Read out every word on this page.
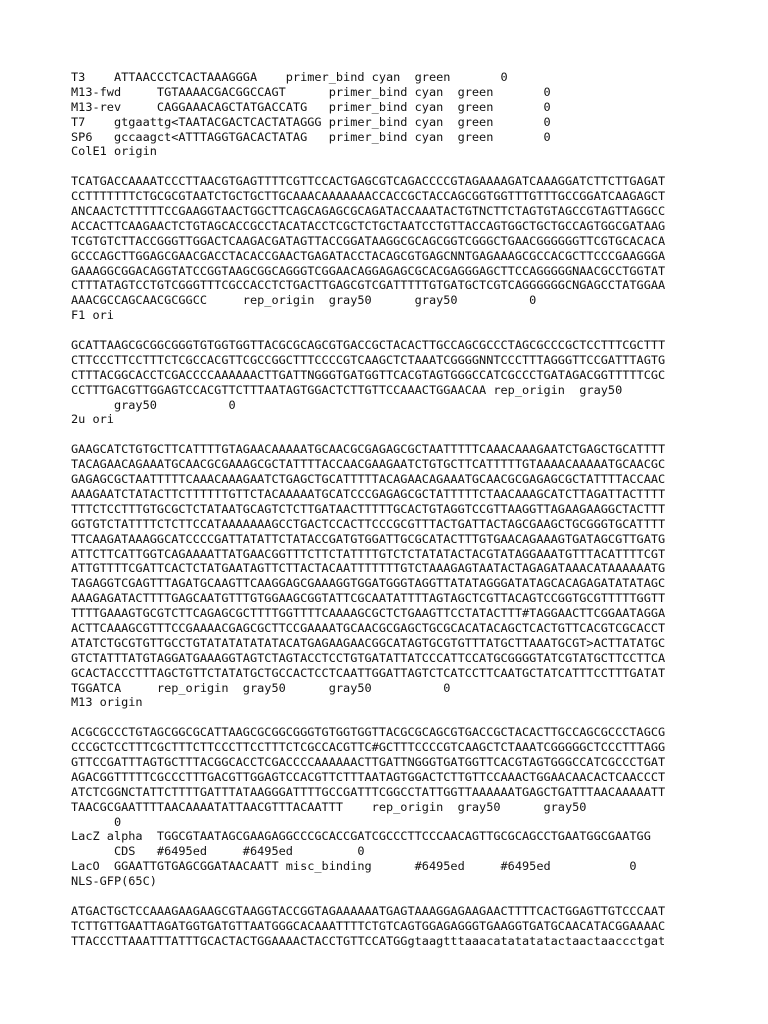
T3    ATTAACCCTCACTAAAGGGA    primer_bind cyan  green       0
M13-fwd     TGTAAAACGACGGCCAGT      primer_bind cyan  green       0
M13-rev     CAGGAAACAGCTATGACCATG   primer_bind cyan  green       0
T7    gtgaattg<TAATACGACTCACTATAGGG primer_bind cyan  green       0
SP6   gccaagct<ATTTAGGTGACACTATAG   primer_bind cyan  green       0
ColE1 origin
TCATGACCAAAATCCCTTAACGTGAGTTTTCGTTCCACTGAGCGTCAGACCCCGTAGAAAAGATCAAAGGATCTTCTTGAGAT
CCTTTTTTTCTGCGCGTAATCTGCTGCTTGCAAACAAAAAAACCACCGCTACCAGCGGTGGTTTGTTTGCCGGATCAAGAGCT
ANCAACTCTTTTTCCGAAGGTAACTGGCTTCAGCAGAGCGCAGATACCAAATACTGTNCTTCTAGTGTAGCCGTAGTTAGGCC
ACCACTTCAAGAACTCTGTAGCACCGCCTACATACCTCGCTCTGCTAATCCTGTTACCAGTGGCTGCTGCCAGTGGCGATAAG
TCGTGTCTTACCGGGTTGGACTCAAGACGATAGTTACCGGATAAGGCGCAGCGGTCGGGCTGAACGGGGGGTTCGTGCACACA
GCCCAGCTTGGAGCGAACGACCTACACCGAACTGAGATACCTACAGCGTGAGCNNTGAGAAAGCGCCACGCTTCCCGAAGGGA
GAAAGGCGGACAGGTATCCGGTAAGCGGCAGGGTCGGAACAGGAGAGCGCACGAGGGAGCTTCCAGGGGGNAACGCCTGGTAT
CTTTATAGTCCTGTCGGGTTTCGCCACCTCTGACTTGAGCGTCGATTTTTGTGATGCTCGTCAGGGGGGCNGAGCCTATGGAA
AAACGCCAGCAACGCGGCC     rep_origin  gray50      gray50          0
F1 ori
GCATTAAGCGCGGCGGGTGTGGTGGTTACGCGCAGCGTGACCGCTACACTTGCCAGCGCCCTAGCGCCCGCTCCTTTCGCTTT
CTTCCCTTCCTTTCTCGCCACGTTCGCCGGCTTTCCCCGTCAAGCTCTAAATCGGGGNNTCCCTTTAGGGTTCCGATTTAGTG
CTTTACGGCACCTCGACCCCAAAAAACTTGATTNGGGTGATGGTTCACGTAGTGGGCCATCGCCCTGATAGACGGTTTTTCGC
CCTTTGACGTTGGAGTCCACGTTCTTTAATAGTGGACTCTTGTTCCAAACTGGAACAA rep_origin  gray50
gray50          0
2u ori
GAAGCATCTGTGCTTCATTTTGTAGAACAAAAATGCAACGCGAGAGCGCTAATTTTTCAAACAAAGAATCTGAGCTGCATTTT
TACAGAACAGAAATGCAACGCGAAAGCGCTATTTTACCAACGAAGAATCTGTGCTTCATTTTTGTAAAACAAAAATGCAACGC
GAGAGCGCTAATTTTTCAAACAAAGAATCTGAGCTGCATTTTTACAGAACAGAAATGCAACGCGAGAGCGCTATTTTACCAAC
AAAGAATCTATACTTCTTTTTTGTTCTACAAAAATGCATCCCGAGAGCGCTATTTTTCTAACAAAGCATCTTAGATTACTTTT
TTTCTCCTTTGTGCGCTCTATAATGCAGTCTCTTGATAACTTTTTGCACTGTAGGTCCGTTAAGGTTAGAAGAAGGCTACTTT
GGTGTCTATTTTCTCTTCCATAAAAAAAGCCTGACTCCACTTCCCGCGTTTACTGATTACTAGCGAAGCTGCGGGTGCATTTT
TTCAAGATAAAGGCATCCCCGATTATATTCTATACCGATGTGGATTGCGCATACTTTGTGAACAGAAAGTGATAGCGTTGATG
ATTCTTCATTGGTCAGAAAATTATGAACGGTTTCTTCTATTTTGTCTCTATATACTACGTATAGGAAATGTTTACATTTTCGT
ATTGTTTTCGATTCACTCTATGAATAGTTCTTACTACAATTTTTTTGTCTAAAGAGTAATACTAGAGATAAACATAAAAAATG
TAGAGGTCGAGTTTAGATGCAAGTTCAAGGAGCGAAAGGTGGATGGGTAGGTTATATAGGGATATAGCACAGAGATATATAGC
AAAGAGATACTTTTGAGCAATGTTTGTGGAAGCGGTATTCGCAATATTTTAGTAGCTCGTTACAGTCCGGTGCGTTTTTGGTT
TTTTGAAAGTGCGTCTTCAGAGCGCTTTTGGTTTTCAAAAGCGCTCTGAAGTTCCTATACTTT#TAGGAACTTCGGAATAGGA
ACTTCAAAGCGTTTCCGAAAACGAGCGCTTCCGAAAATGCAACGCGAGCTGCGCACATACAGCTCACTGTTCACGTCGCACCT
ATATCTGCGTGTTGCCTGTATATATATATACATGAGAAGAACGGCATAGTGCGTGTTTATGCTTAAATGCGT>ACTTATATGC
GTCTATTTATGTAGGATGAAAGGTAGTCTAGTACCTCCTGTGATATTATCCCATTCCATGCGGGGTATCGTATGCTTCCTTCA
GCACTACCCTTTAGCTGTTCTATATGCTGCCACTCCTCAATTGGATTAGTCTCATCCTTCAATGCTATCATTTCCTTTGATAT
TGGATCA     rep_origin  gray50      gray50          0
M13 origin
ACGCGCCCTGTAGCGGCGCATTAAGCGCGGCGGGTGTGGTGGTTACGCGCAGCGTGACCGCTACACTTGCCAGCGCCCTAGCG
CCCGCTCCTTTCGCTTTCTTCCCTTCCTTTCTCGCCACGTTC#GCTTTCCCCGTCAAGCTCTAAATCGGGGGCTCCCTTTAGG
GTTCCGATTTAGTGCTTTACGGCACCTCGACCCCAAAAAACTTGATTNGGGTGATGGTTCACGTAGTGGGCCATCGCCCTGAT
AGACGGTTTTTCGCCCTTTGACGTTGGAGTCCACGTTCTTTAATAGTGGACTCTTGTTCCAAACTGGAACAACACTCAACCCT
ATCTCGGNCTATTCTTTTGATTTATAAGGGATTTTGCCGATTTCGGCCTATTGGTTAAAAAATGAGCTGATTTAACAAAAATT
TAACGCGAATTTTAACAAAATATTAACGTTTACAATTT    rep_origin  gray50      gray50
0
LacZ alpha  TGGCGTAATAGCGAAGAGGCCCGCACCGATCGCCCTTCCCAACAGTTGCGCAGCCTGAATGGCGAATGG
CDS   #6495ed     #6495ed         0
LacO  GGAATTGTGAGCGGATAACAATT misc_binding      #6495ed     #6495ed           0
NLS-GFP(65C)
ATGACTGCTCCAAAGAAGAAGCGTAAGGTACCGGTAGAAAAAATGAGTAAAGGAGAAGAACTTTTCACTGGAGTTGTCCCAAT
TCTTGTTGAATTAGATGGTGATGTTAATGGGCACAAATTTTCTGTCAGTGGAGAGGGTGAAGGTGATGCAACATACGGAAAAC
TTACCCTTAAATTTATTTGCACTACTGGAAAACTACCTGTTCCATGGgtaagtttaaacatatatatactaactaaccctgat
